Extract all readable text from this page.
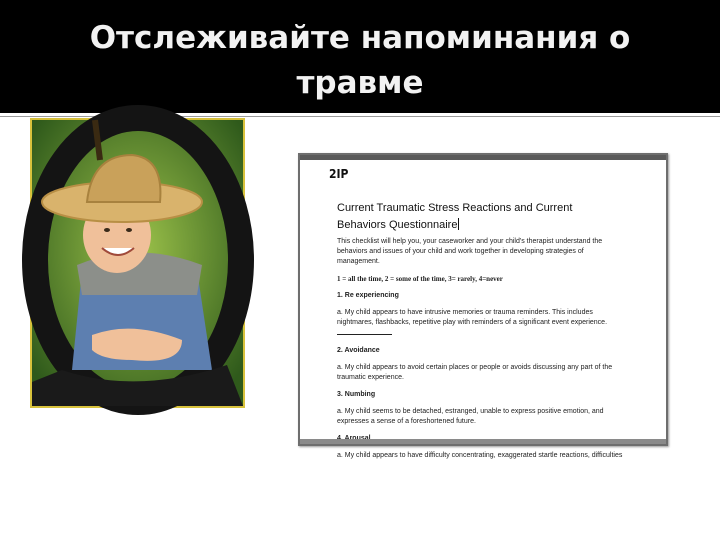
Отслеживайте напоминания о
травме
2IP
Current Traumatic Stress Reactions and Current
Behaviors Questionnaire

This checklist will help you, your caseworker and your child's therapist understand the behaviors and issues of your child and work together in developing strategies of management.

1 = all the time, 2 = some of the time, 3= rarely, 4=never

1. Re experiencing

a. My child appears to have intrusive memories or trauma reminders. This includes nightmares, flashbacks, repetitive play with reminders of a significant event experience.

2. Avoidance

a. My child appears to avoid certain places or people or avoids discussing any part of the traumatic experience.

3. Numbing

a. My child seems to be detached, estranged, unable to express positive emotion, and expresses a sense of a foreshortened future.

a. My child appears to have difficulty concentrating, exaggerated startle reactions, difficulties
